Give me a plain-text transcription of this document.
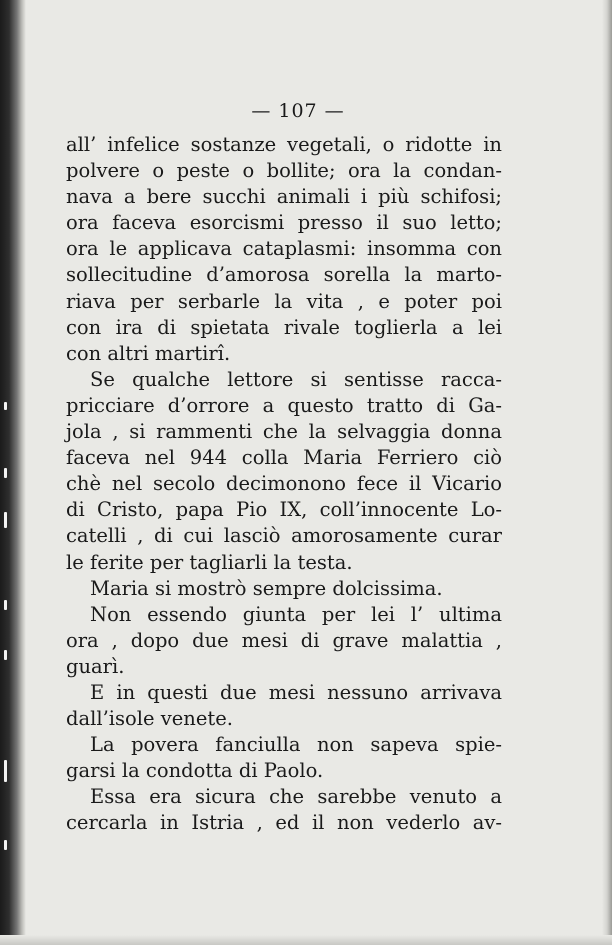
— 107 —
all’ infelice sostanze vegetali, o ridotte in
polvere o peste o bollite; ora la condan-
nava a bere succhi animali i più schifosi;
ora faceva esorcismi presso il suo letto;
ora le applicava cataplasmi: insomma con
sollecitudine d’amorosa sorella la marto-
riava per serbarle la vita , e poter poi
con ira di spietata rivale toglierla a lei
con altri martirî.
Se qualche lettore si sentisse racca-
pricciare d’orrore a questo tratto di Ga-
jola , si rammenti che la selvaggia donna
faceva nel 944 colla Maria Ferriero ciò
chè nel secolo decimonono fece il Vicario
di Cristo, papa Pio IX, coll’innocente Lo-
catelli , di cui lasciò amorosamente curar
le ferite per tagliarli la testa.
Maria si mostrò sempre dolcissima.
Non essendo giunta per lei l’ ultima
ora , dopo due mesi di grave malattia ,
guarì.
E in questi due mesi nessuno arrivava
dall’isole venete.
La povera fanciulla non sapeva spie-
garsi la condotta di Paolo.
Essa era sicura che sarebbe venuto a
cercarla in Istria , ed il non vederlo av-
